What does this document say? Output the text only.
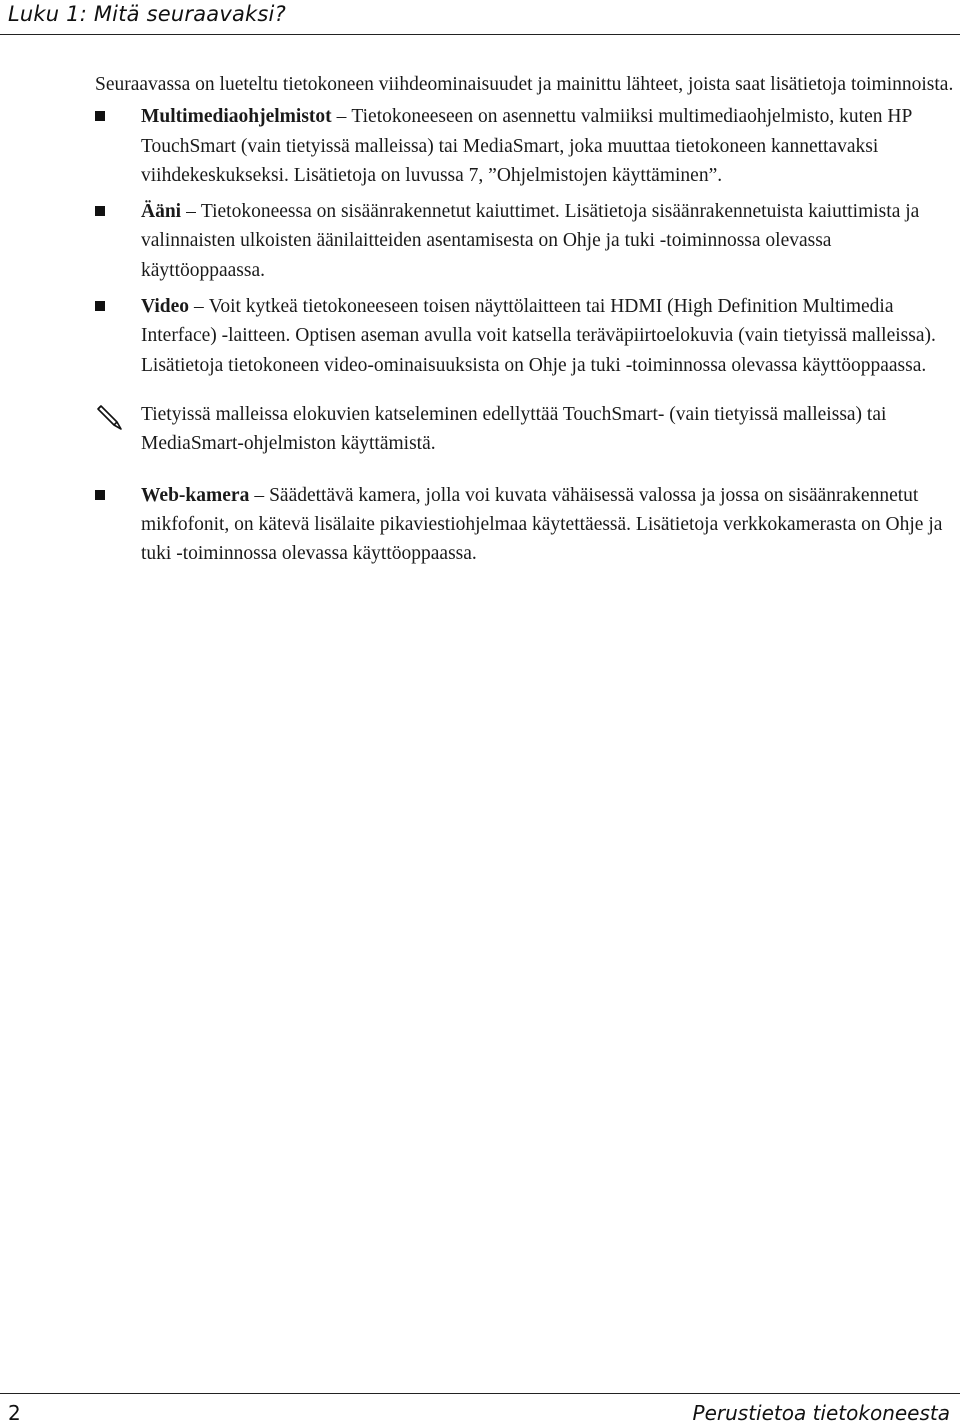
Luku 1: Mitä seuraavaksi?

Seuraavassa on lueteltu tietokoneen viihdeominaisuudet ja mainittu lähteet, joista saat lisätietoja toiminnoista.

Multimediaohjelmistot – Tietokoneeseen on asennettu valmiiksi multimediaohjelmisto, kuten HP TouchSmart (vain tietyissä malleissa) tai MediaSmart, joka muuttaa tietokoneen kannettavaksi viihdekeskukseksi. Lisätietoja on luvussa 7, ”Ohjelmistojen käyttäminen”.
Ääni – Tietokoneessa on sisäänrakennetut kaiuttimet. Lisätietoja sisäänrakennetuista kaiuttimista ja valinnaisten ulkoisten äänilaitteiden asentamisesta on Ohje ja tuki -toiminnossa olevassa käyttöoppaassa.
Video – Voit kytkeä tietokoneeseen toisen näyttölaitteen tai HDMI (High Definition Multimedia Interface) -laitteen. Optisen aseman avulla voit katsella teräväpiirtoelokuvia (vain tietyissä malleissa). Lisätietoja tietokoneen video-ominaisuuksista on Ohje ja tuki -toiminnossa olevassa käyttöoppaassa.
Tietyissä malleissa elokuvien katseleminen edellyttää TouchSmart- (vain tietyissä malleissa) tai MediaSmart-ohjelmiston käyttämistä.
Web-kamera – Säädettävä kamera, jolla voi kuvata vähäisessä valossa ja jossa on sisäänrakennetut mikfofonit, on kätevä lisälaite pikaviestiohjelmaa käytettäessä. Lisätietoja verkkokamerasta on Ohje ja tuki -toiminnossa olevassa käyttöoppaassa.
2	Perustietoa tietokoneesta
